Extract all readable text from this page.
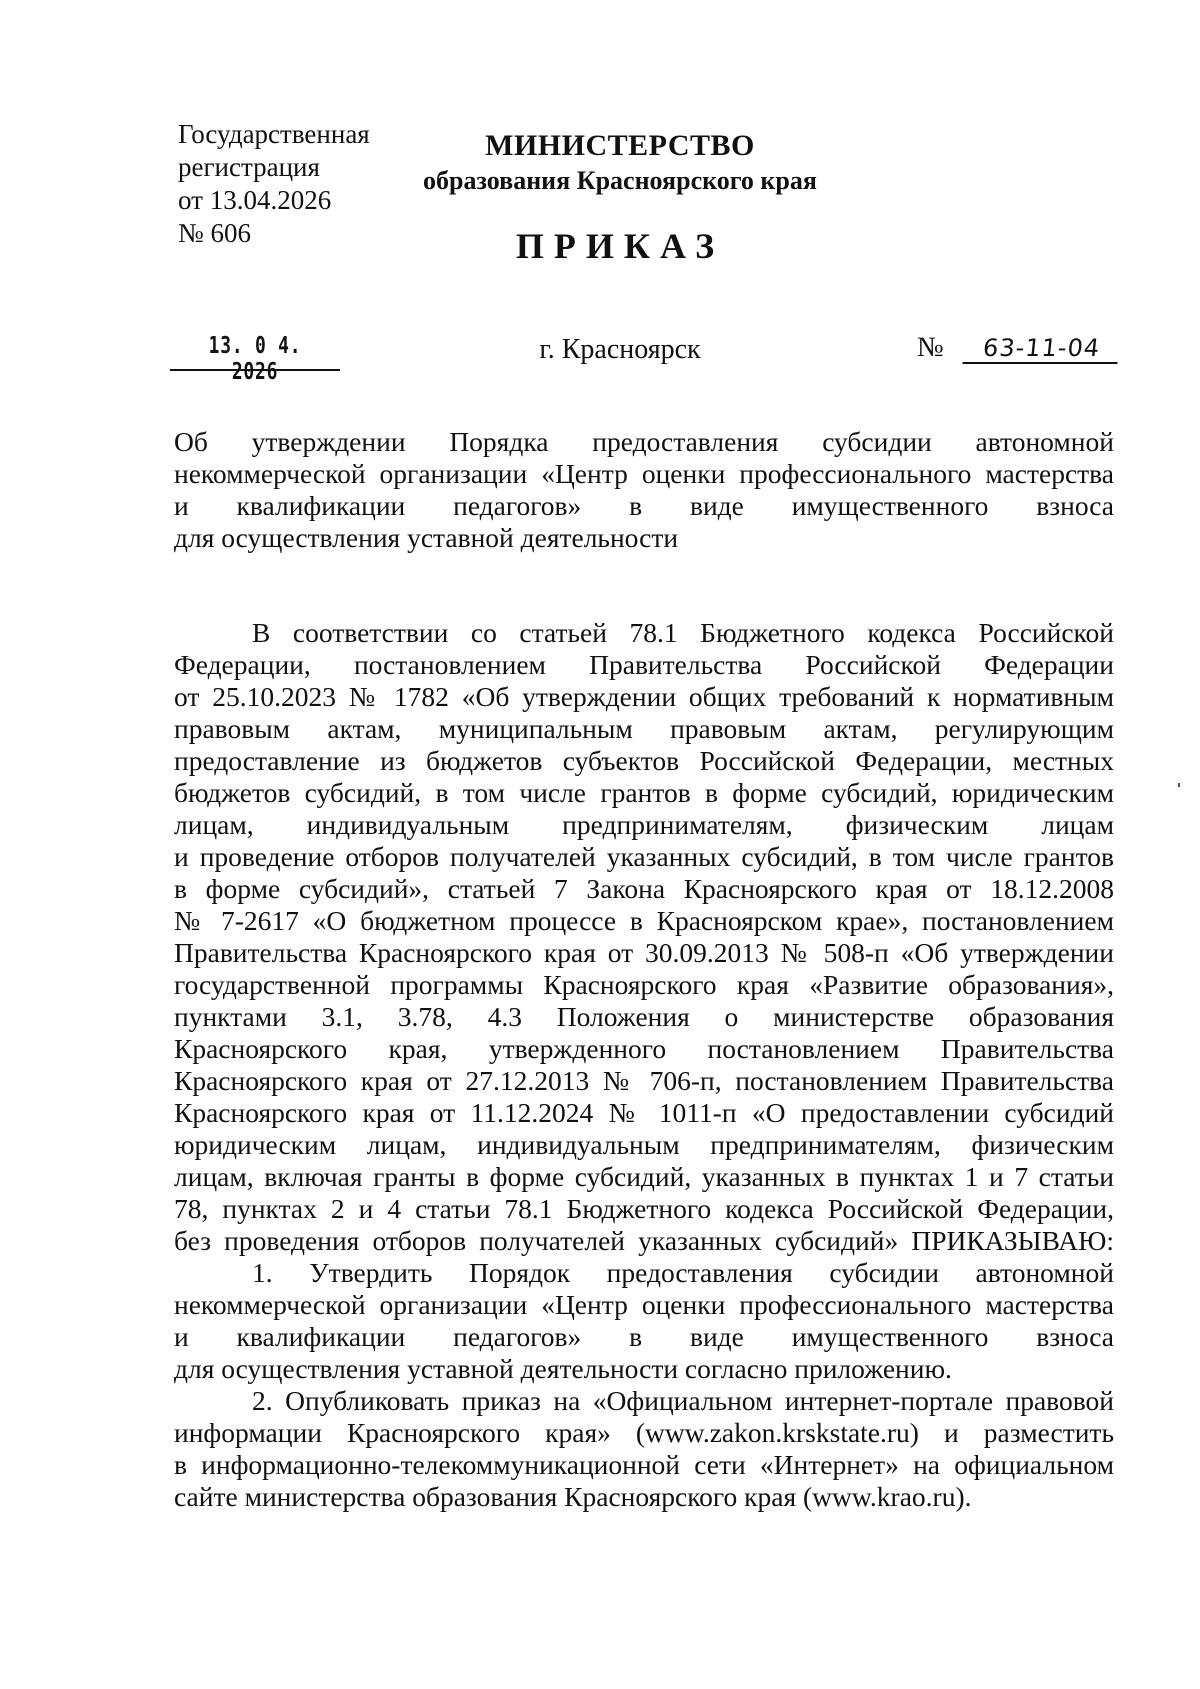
Государственная
регистрация
от 13.04.2026
№ 606
МИНИСТЕРСТВО
образования Красноярского края
ПРИКАЗ
13. 0 4. 2026
г. Красноярск	№ 63-11-04
Об утверждении Порядка предоставления субсидии автономной
некоммерческой организации «Центр оценки профессионального мастерства
и квалификации педагогов» в виде имущественного взноса
для осуществления уставной деятельности
В соответствии со статьей 78.1 Бюджетного кодекса Российской
Федерации, постановлением Правительства Российской Федерации
от 25.10.2023 № 1782 «Об утверждении общих требований к нормативным
правовым актам, муниципальным правовым актам, регулирующим
предоставление из бюджетов субъектов Российской Федерации, местных
бюджетов субсидий, в том числе грантов в форме субсидий, юридическим
лицам, индивидуальным предпринимателям, физическим лицам
и проведение отборов получателей указанных субсидий, в том числе грантов
в форме субсидий», статьей 7 Закона Красноярского края от 18.12.2008
№ 7-2617 «О бюджетном процессе в Красноярском крае», постановлением
Правительства Красноярского края от 30.09.2013 № 508-п «Об утверждении
государственной программы Красноярского края «Развитие образования»,
пунктами 3.1, 3.78, 4.3 Положения о министерстве образования
Красноярского края, утвержденного постановлением Правительства
Красноярского края от 27.12.2013 № 706-п, постановлением Правительства
Красноярского края от 11.12.2024 № 1011-п «О предоставлении субсидий
юридическим лицам, индивидуальным предпринимателям, физическим
лицам, включая гранты в форме субсидий, указанных в пунктах 1 и 7 статьи
78, пунктах 2 и 4 статьи 78.1 Бюджетного кодекса Российской Федерации,
без проведения отборов получателей указанных субсидий» ПРИКАЗЫВАЮ:
1. Утвердить Порядок предоставления субсидии автономной
некоммерческой организации «Центр оценки профессионального мастерства
и квалификации педагогов» в виде имущественного взноса
для осуществления уставной деятельности согласно приложению.
2. Опубликовать приказ на «Официальном интернет-портале правовой
информации Красноярского края» (www.zakon.krskstate.ru) и разместить
в информационно-телекоммуникационной сети «Интернет» на официальном
сайте министерства образования Красноярского края (www.krao.ru).
